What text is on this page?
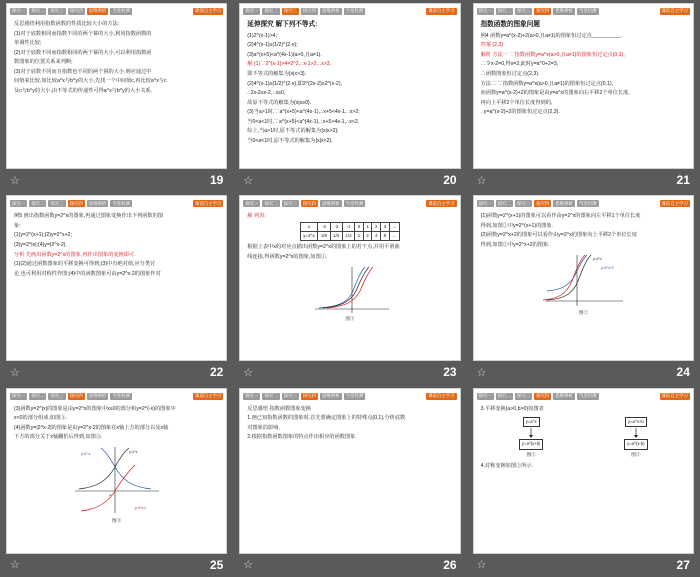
探究一	探究二	探究三	探究四	思维辨析	当堂检测	课前自主学习

反思感悟利用指数函数的性质比较大小的方法:

(1)对于底数相同而指数不同的两个幂的大小,利用指数函数的

单调性比较;

(2)对于底数不同而指数相同的两个幂的大小,可以利用指数函

数图象的位置关系来判断;

(3)对于底数不同而且指数也不同的两个幂的大小,则应通过中

间值来比较,如比较a^x与b^y的大小,先找一个中间值c,再比较a^x与c

及c与b^y的大小,由不等式的传递性可得a^x与b^y的大小关系.

☆	19
探究一	探究二	探究三	探究四	思维辨析	当堂检测	课前自主学习

延伸探究 解下列不等式:

(1)2^(x-1)>4;

(2)4^(x-1)≥(1/2)^(2-x);

(3)a^(x+5)<a^(4x-1)(a>0,且a≠1).

解 (1)∵2^(x-1)>4=2^2,∴x-1>2,∴x>3,

即不等式的解集为{x|x>3}.

(2)4^(x-1)≥(1/2)^(2-x),即2^(2x-2)≥2^(x-2),

∴2x-2≥x-2,∴x≥0,

故原不等式的解集为{x|x≥0}.

(3)当a>1时,∵a^(x+5)<a^(4x-1),∴x+5<4x-1,∴x>2;

当0<a<1时,∵a^(x+5)<a^(4x-1),∴x+5>4x-1,∴x<2.

综上,当a>1时,原不等式的解集为{x|x>2};

当0<a<1时,原不等式的解集为{x|x<2}.

☆	20
探究一	探究二	探究三	探究四	思维辨析	当堂检测	课前自主学习

指数函数的图象问题

例4 函数y=a^(x-2)+2(a>0,且a≠1)的图象恒过定点__________.

答案 (2,3)

解析 方法一 ∵指数函数y=a^x(a>0,且a≠1)的图象恒过定点(0,1),

∴令x-2=0,得x=2,此时y=a^0+2=3,

∴函数图象恒过定点(2,3).

方法二 ∵指数函数y=a^x(a>0,且a≠1)的图象恒过定点(0,1),

而函数y=a^(x-2)+2的图象是由y=a^x的图象向右平移2个单位长度,

再向上平移2个单位长度得到的,

∴y=a^(x-2)+2的图象恒过定点(2,3).

☆	21
探究一	探究二	探究三	探究四	思维辨析	当堂检测	课前自主学习

例5 画出指数函数y=2^x的图象,再通过图象变换作出下列函数的图

象:

(1)y=2^(x+1);(2)y=2^x+2;

(3)y=2^|x|;(4)y=|2^x-2|.

分析 先画出函数y=2^x的图象,再作出图象的变换即可.

(1)(2)通过函数图象的平移变换可得到;(3)中有绝对值,应分类讨

论,也可利用对称性作图;(4)中的函数图象可由y=2^x-2的图象作对

☆	22
探究一	探究二	探究三	探究四	思维辨析	当堂检测	课前自主学习

解 列表:

x	-3	-2	-1	0	1	2	3	…
y=2^x	1/8	1/4	1/2	1	2	4	8	…

根据上表中x的对应点描出函数y=2^x的图象上的若干点,并用平滑曲

线连接,得函数y=2^x的图象,如图①.

图①

☆	23
探究一	探究二	探究三	探究四	思维辨析	当堂检测	课前自主学习

(1)函数y=2^(x+1)的图象可以看作由y=2^x的图象向左平移1个单位长度

得到,如图②中y=2^(x+1)的图象.

(2)函数y=2^x+2的图象可以看作由y=2^x的图象向上平移2个单位长度

得到,如图②中y=2^x+2的图象.

y=2^x
y=2^x+2

图②

☆	24
探究一	探究二	探究三	探究四	思维辨析	当堂检测	课前自主学习

(3)函数y=2^|x|的图象是由y=2^x的图象中x≥0的部分和y=2^(-x)的图象中

x<0的部分组成,如图③.

(4)函数y=|2^x-2|的图象是由y=2^x-2的图象在x轴上方的部分以及x轴

下方的部分关于x轴翻折后得到,如图③.

y=2^x
y=2^-x
y=2^x-2
O

图③

☆	25
探究一	探究二	探究三	探究四	思维辨析	当堂检测	课前自主学习

反思感悟 指数函数图象变换

1.画已知指数函数的图象时,首先要确定图象上的特殊点(0,1),分析底数

对图象的影响.

2.根据指数函数图象的特点作出相应的函数图象.

☆	26
探究一	探究二	探究三	探究四	思维辨析	当堂检测	课前自主学习

3.平移变换(a>0,b>0)如图表

y=a^x
y=a^(x+b)
图①
y=a^x+b
y=a^(x-b)
图②

4.对称变换如图②所示.

☆	27
